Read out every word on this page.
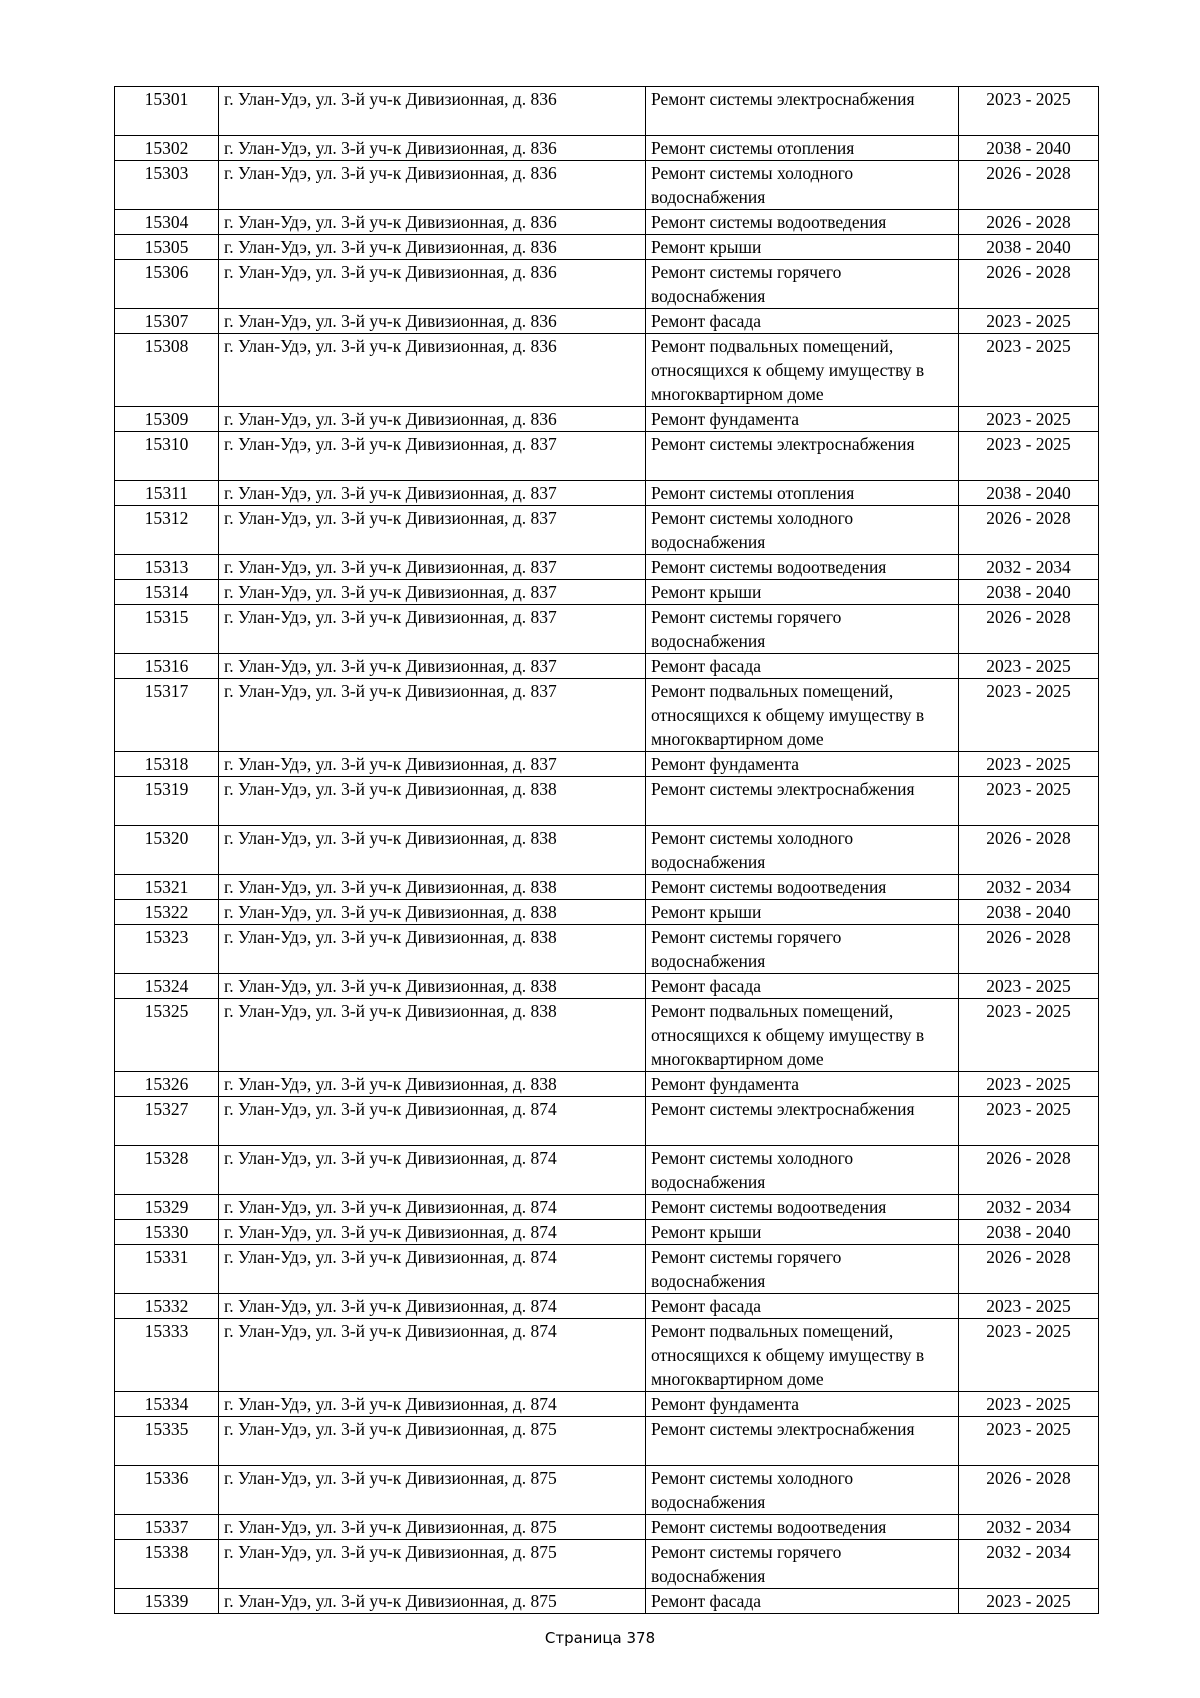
15301	г. Улан-Удэ, ул. 3-й уч-к Дивизионная, д. 836	Ремонт системы электроснабжения	2023 - 2025
15302	г. Улан-Удэ, ул. 3-й уч-к Дивизионная, д. 836	Ремонт системы отопления	2038 - 2040
15303	г. Улан-Удэ, ул. 3-й уч-к Дивизионная, д. 836	Ремонт системы холодного водоснабжения	2026 - 2028
15304	г. Улан-Удэ, ул. 3-й уч-к Дивизионная, д. 836	Ремонт системы водоотведения	2026 - 2028
15305	г. Улан-Удэ, ул. 3-й уч-к Дивизионная, д. 836	Ремонт крыши	2038 - 2040
15306	г. Улан-Удэ, ул. 3-й уч-к Дивизионная, д. 836	Ремонт системы горячего водоснабжения	2026 - 2028
15307	г. Улан-Удэ, ул. 3-й уч-к Дивизионная, д. 836	Ремонт фасада	2023 - 2025
15308	г. Улан-Удэ, ул. 3-й уч-к Дивизионная, д. 836	Ремонт подвальных помещений, относящихся к общему имуществу в многоквартирном доме	2023 - 2025
15309	г. Улан-Удэ, ул. 3-й уч-к Дивизионная, д. 836	Ремонт фундамента	2023 - 2025
15310	г. Улан-Удэ, ул. 3-й уч-к Дивизионная, д. 837	Ремонт системы электроснабжения	2023 - 2025
15311	г. Улан-Удэ, ул. 3-й уч-к Дивизионная, д. 837	Ремонт системы отопления	2038 - 2040
15312	г. Улан-Удэ, ул. 3-й уч-к Дивизионная, д. 837	Ремонт системы холодного водоснабжения	2026 - 2028
15313	г. Улан-Удэ, ул. 3-й уч-к Дивизионная, д. 837	Ремонт системы водоотведения	2032 - 2034
15314	г. Улан-Удэ, ул. 3-й уч-к Дивизионная, д. 837	Ремонт крыши	2038 - 2040
15315	г. Улан-Удэ, ул. 3-й уч-к Дивизионная, д. 837	Ремонт системы горячего водоснабжения	2026 - 2028
15316	г. Улан-Удэ, ул. 3-й уч-к Дивизионная, д. 837	Ремонт фасада	2023 - 2025
15317	г. Улан-Удэ, ул. 3-й уч-к Дивизионная, д. 837	Ремонт подвальных помещений, относящихся к общему имуществу в многоквартирном доме	2023 - 2025
15318	г. Улан-Удэ, ул. 3-й уч-к Дивизионная, д. 837	Ремонт фундамента	2023 - 2025
15319	г. Улан-Удэ, ул. 3-й уч-к Дивизионная, д. 838	Ремонт системы электроснабжения	2023 - 2025
15320	г. Улан-Удэ, ул. 3-й уч-к Дивизионная, д. 838	Ремонт системы холодного водоснабжения	2026 - 2028
15321	г. Улан-Удэ, ул. 3-й уч-к Дивизионная, д. 838	Ремонт системы водоотведения	2032 - 2034
15322	г. Улан-Удэ, ул. 3-й уч-к Дивизионная, д. 838	Ремонт крыши	2038 - 2040
15323	г. Улан-Удэ, ул. 3-й уч-к Дивизионная, д. 838	Ремонт системы горячего водоснабжения	2026 - 2028
15324	г. Улан-Удэ, ул. 3-й уч-к Дивизионная, д. 838	Ремонт фасада	2023 - 2025
15325	г. Улан-Удэ, ул. 3-й уч-к Дивизионная, д. 838	Ремонт подвальных помещений, относящихся к общему имуществу в многоквартирном доме	2023 - 2025
15326	г. Улан-Удэ, ул. 3-й уч-к Дивизионная, д. 838	Ремонт фундамента	2023 - 2025
15327	г. Улан-Удэ, ул. 3-й уч-к Дивизионная, д. 874	Ремонт системы электроснабжения	2023 - 2025
15328	г. Улан-Удэ, ул. 3-й уч-к Дивизионная, д. 874	Ремонт системы холодного водоснабжения	2026 - 2028
15329	г. Улан-Удэ, ул. 3-й уч-к Дивизионная, д. 874	Ремонт системы водоотведения	2032 - 2034
15330	г. Улан-Удэ, ул. 3-й уч-к Дивизионная, д. 874	Ремонт крыши	2038 - 2040
15331	г. Улан-Удэ, ул. 3-й уч-к Дивизионная, д. 874	Ремонт системы горячего водоснабжения	2026 - 2028
15332	г. Улан-Удэ, ул. 3-й уч-к Дивизионная, д. 874	Ремонт фасада	2023 - 2025
15333	г. Улан-Удэ, ул. 3-й уч-к Дивизионная, д. 874	Ремонт подвальных помещений, относящихся к общему имуществу в многоквартирном доме	2023 - 2025
15334	г. Улан-Удэ, ул. 3-й уч-к Дивизионная, д. 874	Ремонт фундамента	2023 - 2025
15335	г. Улан-Удэ, ул. 3-й уч-к Дивизионная, д. 875	Ремонт системы электроснабжения	2023 - 2025
15336	г. Улан-Удэ, ул. 3-й уч-к Дивизионная, д. 875	Ремонт системы холодного водоснабжения	2026 - 2028
15337	г. Улан-Удэ, ул. 3-й уч-к Дивизионная, д. 875	Ремонт системы водоотведения	2032 - 2034
15338	г. Улан-Удэ, ул. 3-й уч-к Дивизионная, д. 875	Ремонт системы горячего водоснабжения	2032 - 2034
15339	г. Улан-Удэ, ул. 3-й уч-к Дивизионная, д. 875	Ремонт фасада	2023 - 2025
Страница 378
